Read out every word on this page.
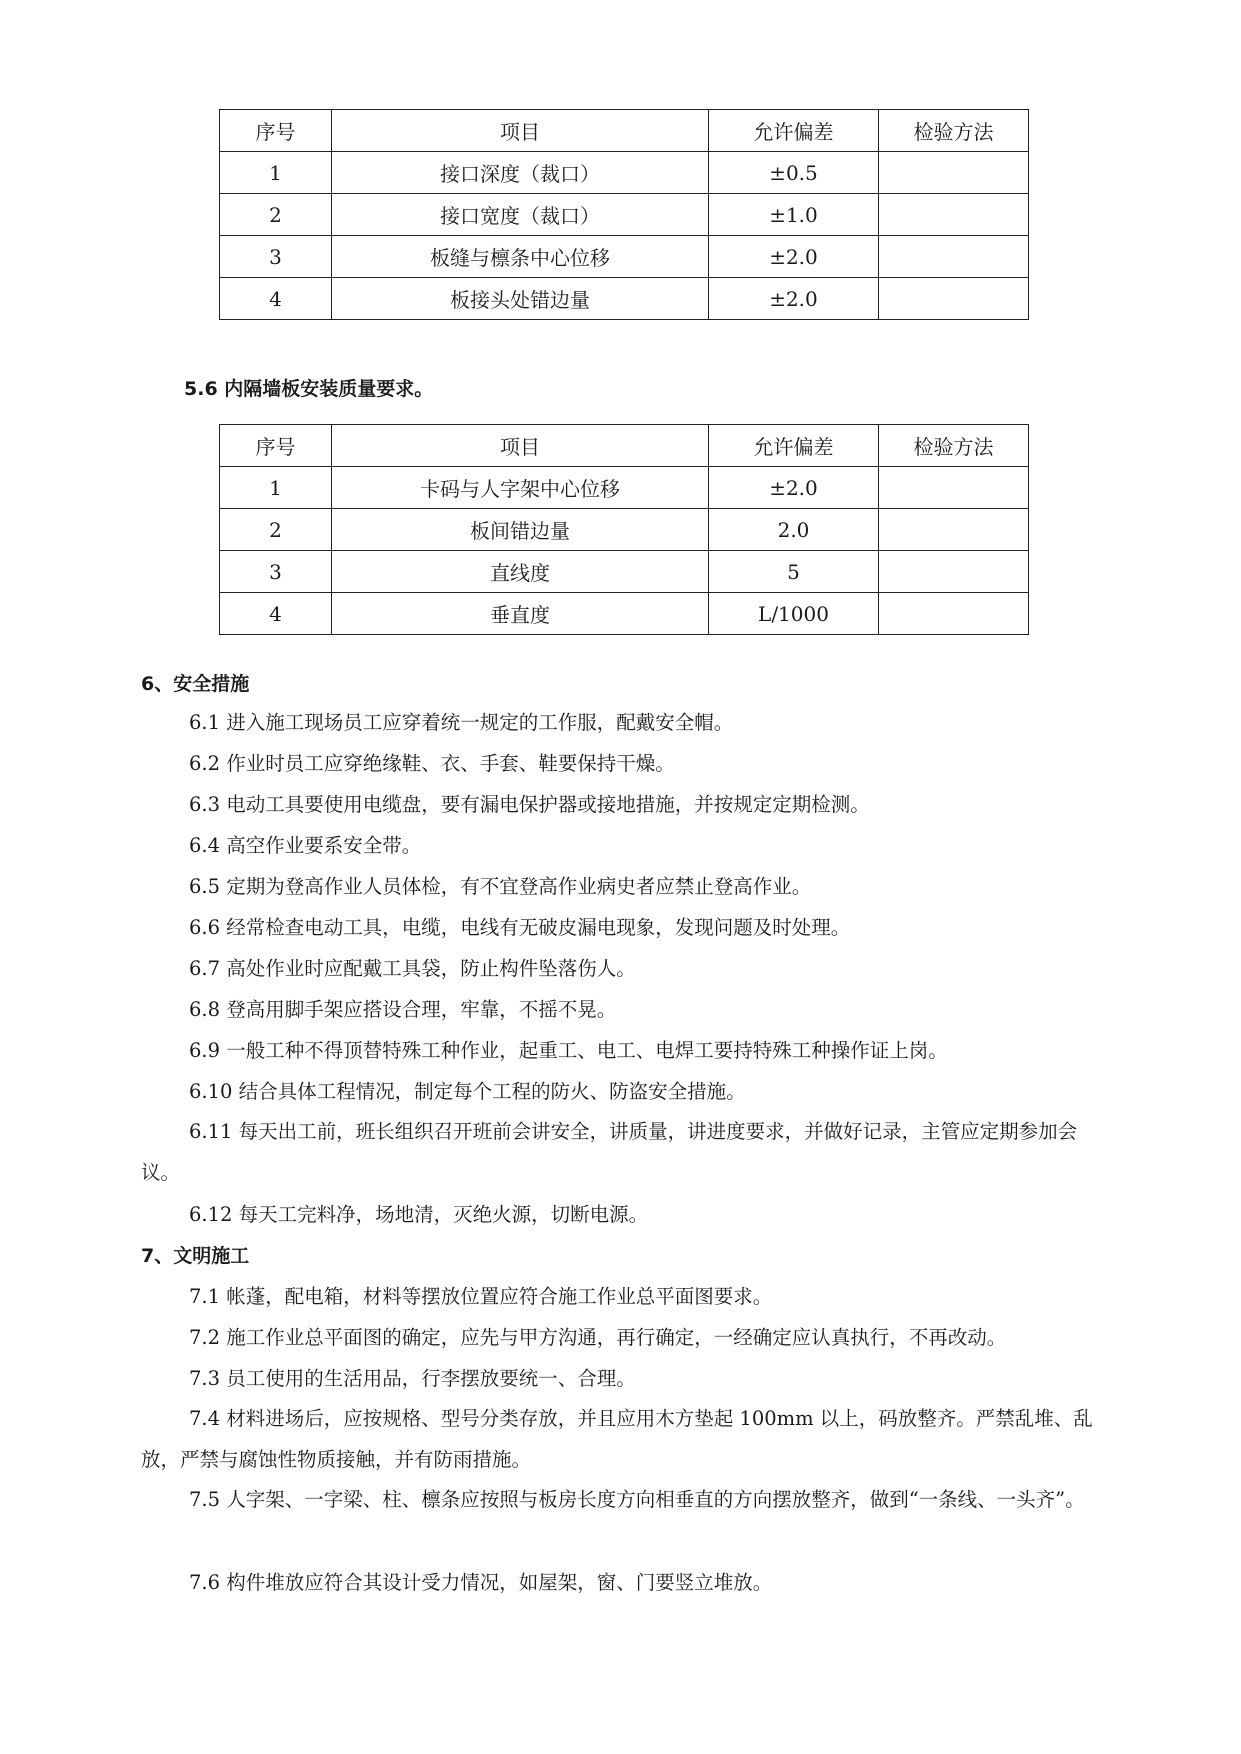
序号	项目	允许偏差	检验方法
1	接口深度（裁口）	±0.5	
2	接口宽度（裁口）	±1.0	
3	板缝与檩条中心位移	±2.0	
4	板接头处错边量	±2.0	
5.6 内隔墙板安装质量要求。
序号	项目	允许偏差	检验方法
1	卡码与人字架中心位移	±2.0	
2	板间错边量	2.0	
3	直线度	5	
4	垂直度	L/1000	
6、安全措施
6.1 进入施工现场员工应穿着统一规定的工作服，配戴安全帽。
6.2 作业时员工应穿绝缘鞋、衣、手套、鞋要保持干燥。
6.3 电动工具要使用电缆盘，要有漏电保护器或接地措施，并按规定定期检测。
6.4 高空作业要系安全带。
6.5 定期为登高作业人员体检，有不宜登高作业病史者应禁止登高作业。
6.6 经常检查电动工具，电缆，电线有无破皮漏电现象，发现问题及时处理。
6.7 高处作业时应配戴工具袋，防止构件坠落伤人。
6.8 登高用脚手架应搭设合理，牢靠，不摇不晃。
6.9 一般工种不得顶替特殊工种作业，起重工、电工、电焊工要持特殊工种操作证上岗。
6.10 结合具体工程情况，制定每个工程的防火、防盗安全措施。
6.11 每天出工前，班长组织召开班前会讲安全，讲质量，讲进度要求，并做好记录，主管应定期参加会议。
6.12 每天工完料净，场地清，灭绝火源，切断电源。
7、文明施工
7.1 帐蓬，配电箱，材料等摆放位置应符合施工作业总平面图要求。
7.2 施工作业总平面图的确定，应先与甲方沟通，再行确定，一经确定应认真执行，不再改动。
7.3 员工使用的生活用品，行李摆放要统一、合理。
7.4 材料进场后，应按规格、型号分类存放，并且应用木方垫起 100mm 以上，码放整齐。严禁乱堆、乱放，严禁与腐蚀性物质接触，并有防雨措施。
7.5 人字架、一字梁、柱、檩条应按照与板房长度方向相垂直的方向摆放整齐，做到“一条线、一头齐”。
7.6 构件堆放应符合其设计受力情况，如屋架，窗、门要竖立堆放。
